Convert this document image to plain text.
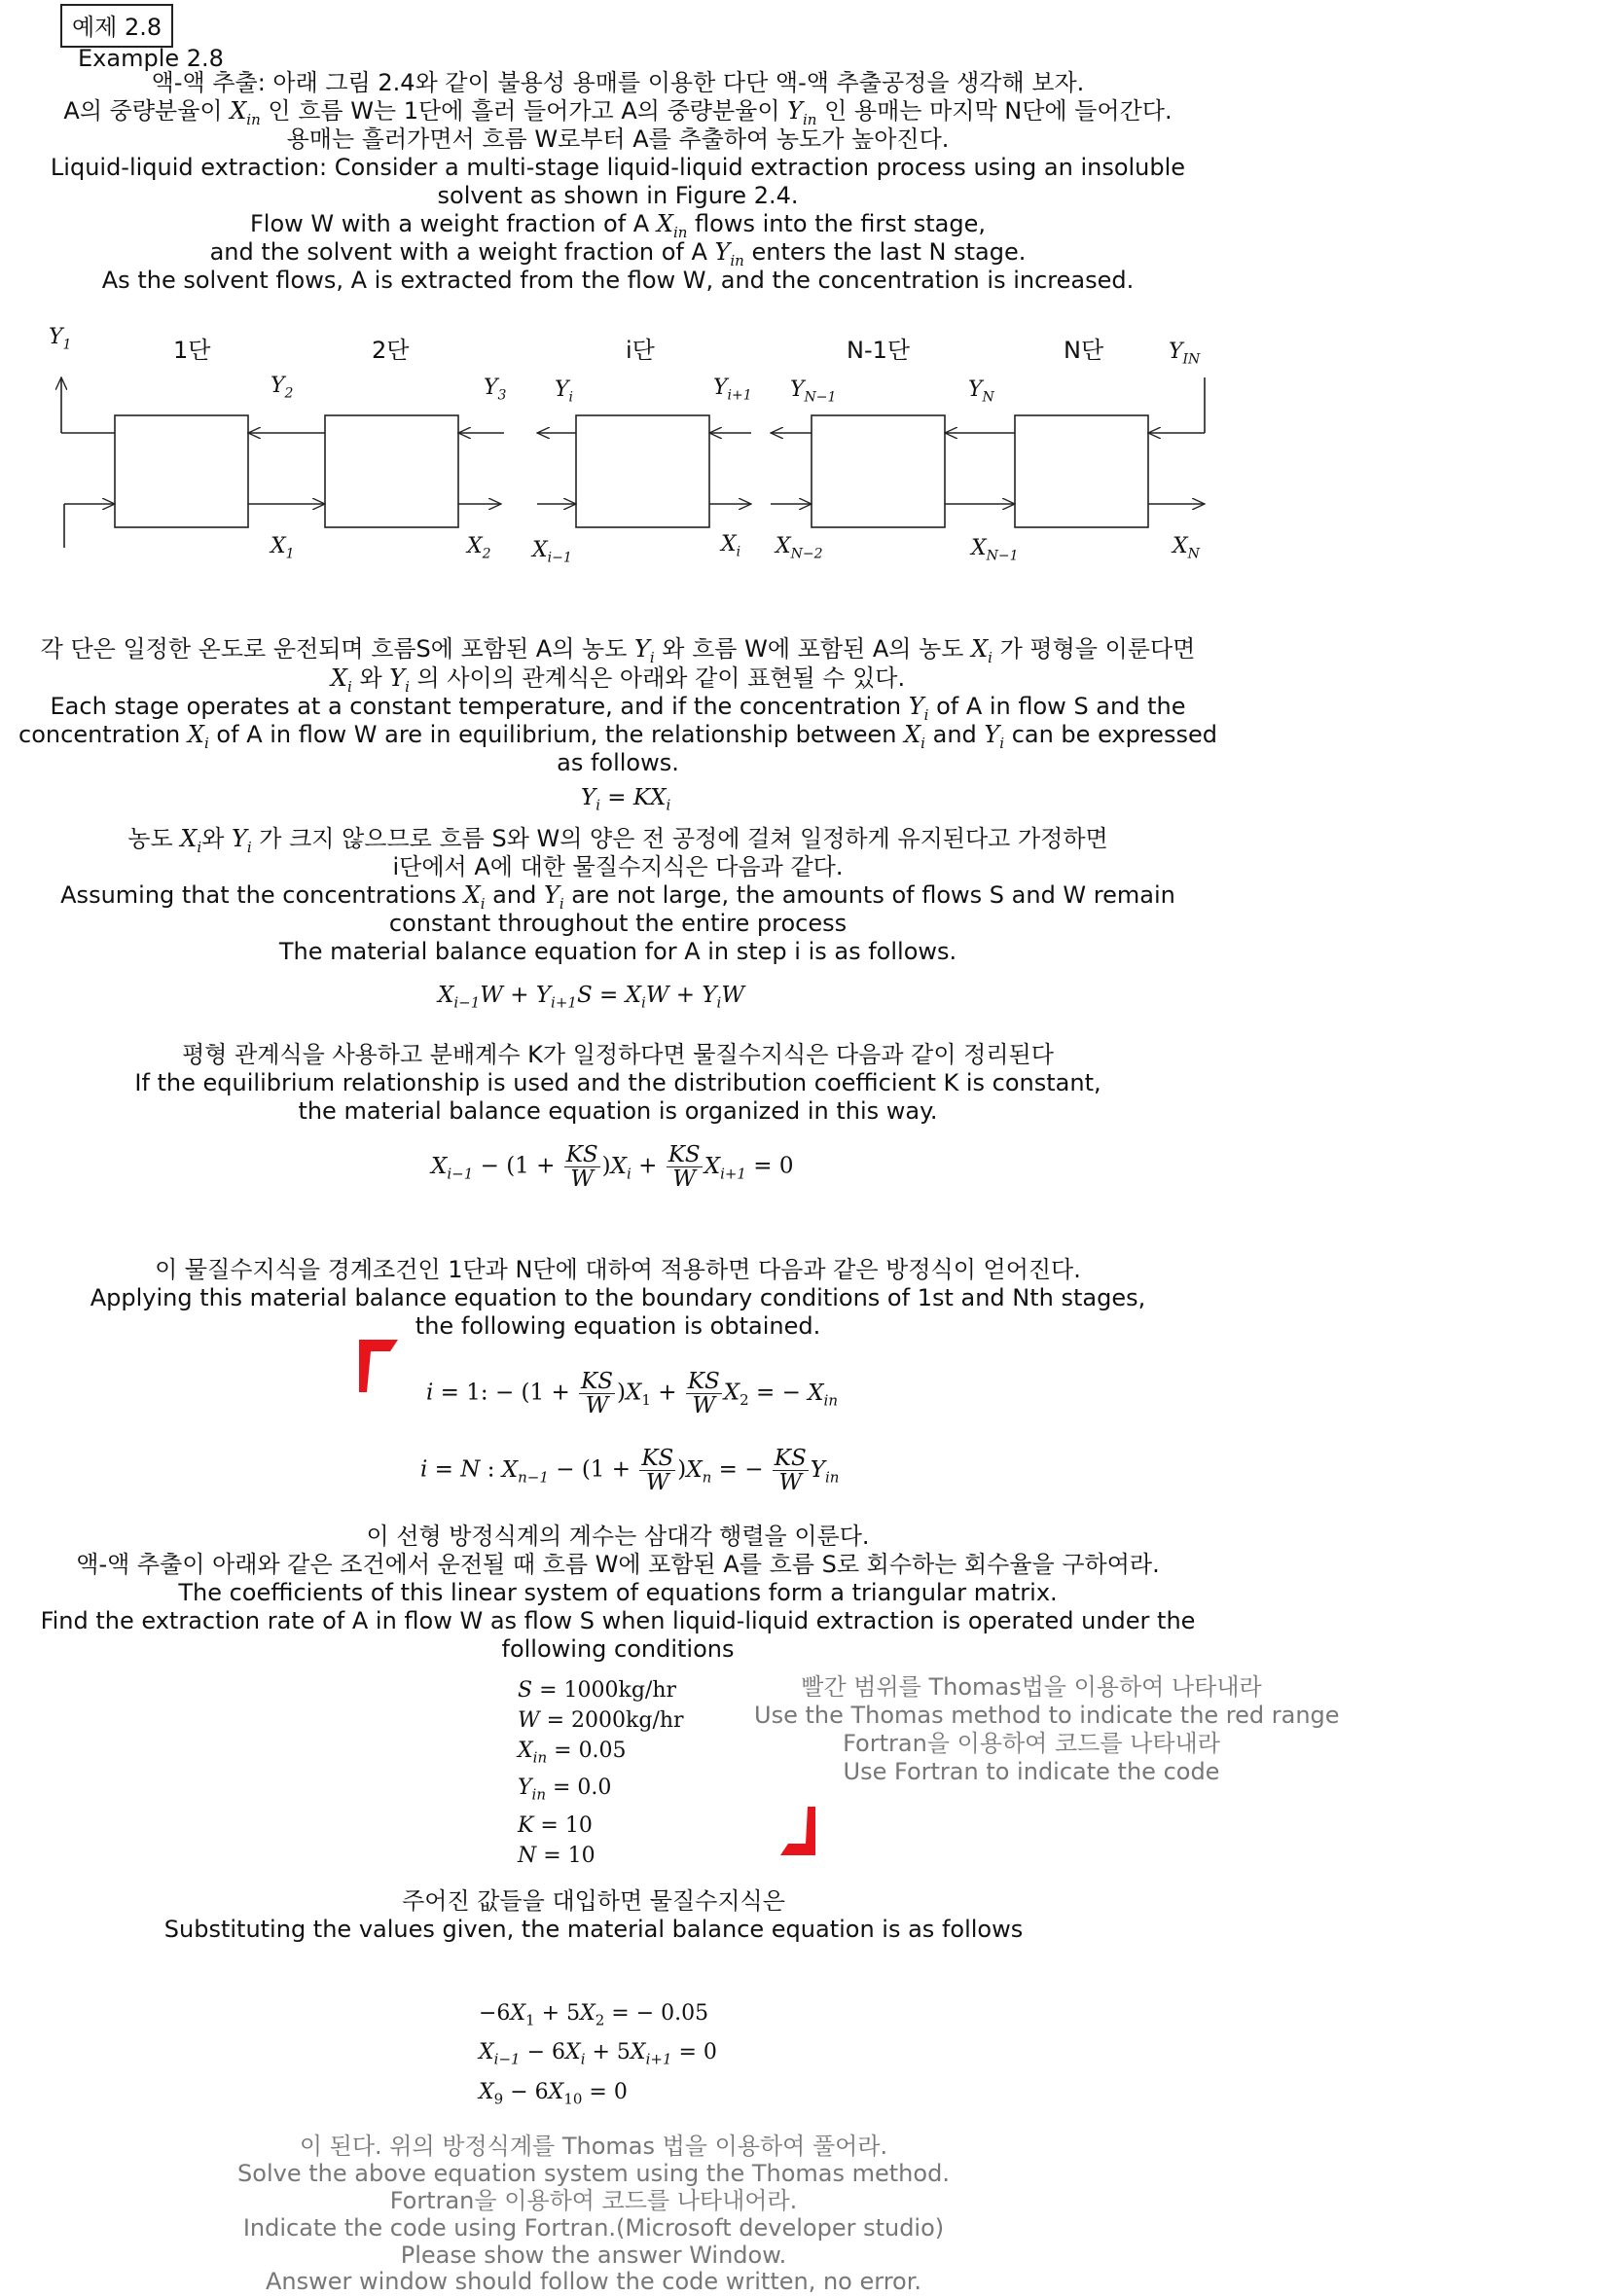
예제 2.8
Example 2.8
액-액 추출: 아래 그림 2.4와 같이 불용성 용매를 이용한 다단 액-액 추출공정을 생각해 보자.
A의 중량분율이 $X_{in}$ 인 흐름 W는 1단에 흘러 들어가고 A의 중량분율이 $Y_{in}$ 인 용매는 마지막 N단에 들어간다.
용매는 흘러가면서 흐름 W로부터 A를 추출하여 농도가 높아진다.
Liquid-liquid extraction: Consider a multi-stage liquid-liquid extraction process using an insoluble
solvent as shown in Figure 2.4.
Flow W with a weight fraction of A $X_{in}$ flows into the first stage,
and the solvent with a weight fraction of A $Y_{in}$ enters the last N stage.
As the solvent flows, A is extracted from the flow W, and the concentration is increased.
1단	2단	i단	N-1단	N단
$Y_1$
$Y_2$	$Y_3$ $Y_i$	$Y_{i+1}$ $Y_{N-1}$	$Y_N$
$Y_{IN}$
$X_1$	$X_2$ $X_{i-1}$
$X_i$ $X_{N-2}$	$X_{N-1}$	$X_N$
각 단은 일정한 온도로 운전되며 흐름S에 포함된 A의 농도 $Y_i$ 와 흐름 W에 포함된 A의 농도 $X_i$ 가 평형을 이룬다면
$X_i$ 와 $Y_i$ 의 사이의 관계식은 아래와 같이 표현될 수 있다.
Each stage operates at a constant temperature, and if the concentration $Y_i$ of A in flow S and the
concentration $X_i$ of A in flow W are in equilibrium, the relationship between $X_i$ and $Y_i$ can be expressed
as follows.
$Y_i = KX_i$
농도 $X_i$와 $Y_i$ 가 크지 않으므로 흐름 S와 W의 양은 전 공정에 걸쳐 일정하게 유지된다고 가정하면
i단에서 A에 대한 물질수지식은 다음과 같다.
Assuming that the concentrations $X_i$ and $Y_i$ are not large, the amounts of flows S and W remain
constant throughout the entire process
The material balance equation for A in step i is as follows.
$X_{i-1}W + Y_{i+1}S = X_iW + Y_iW$
평형 관계식을 사용하고 분배계수 K가 일정하다면 물질수지식은 다음과 같이 정리된다
If the equilibrium relationship is used and the distribution coefficient K is constant,
the material balance equation is organized in this way.
$X_{i-1} - (1 + \frac{KS}{W} )X_i + \frac{KS}{W} X_{i+1} = 0$
이 물질수지식을 경계조건인 1단과 N단에 대하여 적용하면 다음과 같은 방정식이 얻어진다.
Applying this material balance equation to the boundary conditions of 1st and Nth stages,
the following equation is obtained.
i = 1: − $(1 + \frac{KS}{W} )X_1 + \frac{KS}{W} X_2$ = − $X_{in}$
i = N : $X_{n-1} - (1 + \frac{KS}{W} )X_n$ = − $\frac{KS}{W} Y_{in}$
이 선형 방정식계의 계수는 삼대각 행렬을 이룬다.
액-액 추출이 아래와 같은 조건에서 운전될 때 흐름 W에 포함된 A를 흐름 S로 회수하는 회수율을 구하여라.
The coefficients of this linear system of equations form a triangular matrix.
Find the extraction rate of A in flow W as flow S when liquid-liquid extraction is operated under the
following conditions
S = 1000kg/hr
W = 2000kg/hr
$X_{in} = 0.05$
$Y_{in} = 0.0$
K = 10
N = 10
빨간 범위를 Thomas법을 이용하여 나타내라
Use the Thomas method to indicate the red range
Fortran을 이용하여 코드를 나타내라
Use Fortran to indicate the code
주어진 값들을 대입하면 물질수지식은
Substituting the values given, the material balance equation is as follows
$-6X_1 + 5X_2$ = − 0.05
$X_{i-1} - 6X_i + 5X_{i+1} = 0$
$X_9 - 6X_{10} = 0$
이 된다. 위의 방정식계를 Thomas 법을 이용하여 풀어라.
Solve the above equation system using the Thomas method.
Fortran을 이용하여 코드를 나타내어라.
Indicate the code using Fortran.(Microsoft developer studio)
Please show the answer Window.
Answer window should follow the code written, no error.
